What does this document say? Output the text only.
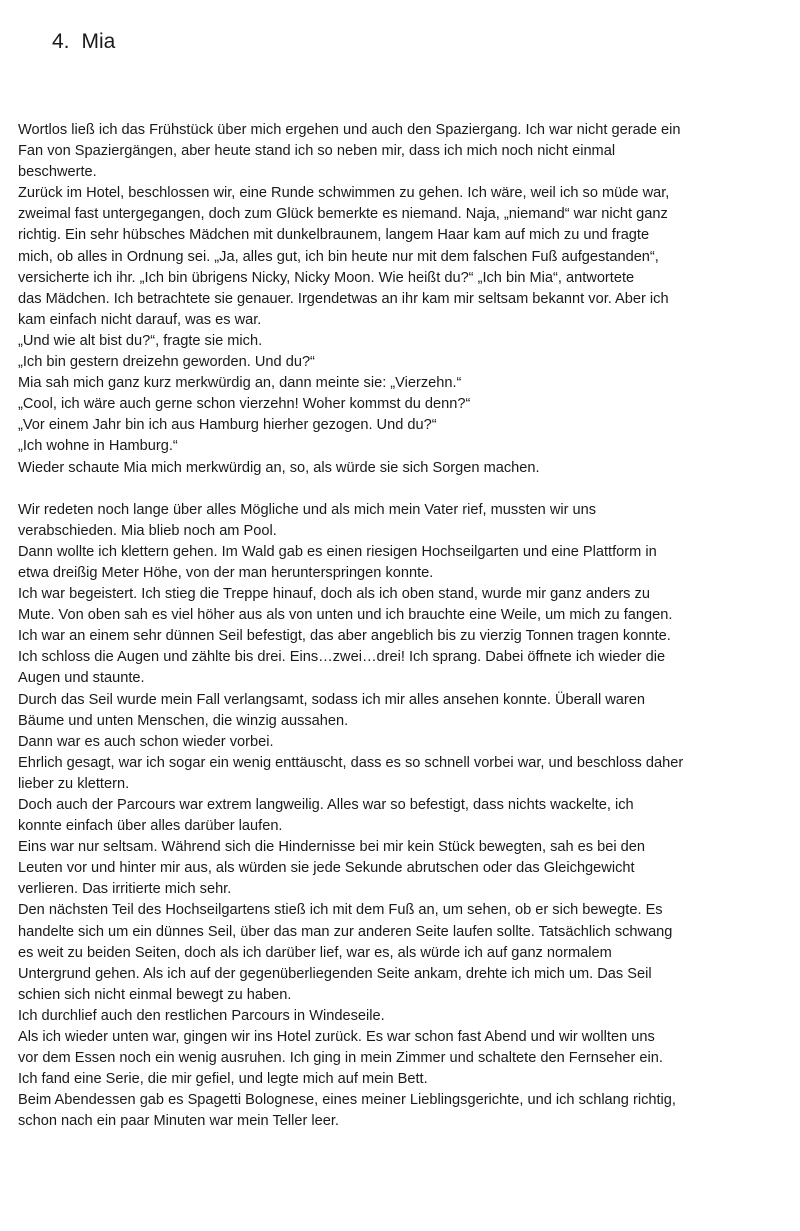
4. Mia
Wortlos ließ ich das Frühstück über mich ergehen und auch den Spaziergang. Ich war nicht gerade ein
Fan von Spaziergängen, aber heute stand ich so neben mir, dass ich mich noch nicht einmal
beschwerte.
Zurück im Hotel, beschlossen wir, eine Runde schwimmen zu gehen. Ich wäre, weil ich so müde war,
zweimal fast untergegangen, doch zum Glück bemerkte es niemand. Naja, „niemand“ war nicht ganz
richtig. Ein sehr hübsches Mädchen mit dunkelbraunem, langem Haar kam auf mich zu und fragte
mich, ob alles in Ordnung sei. „Ja, alles gut, ich bin heute nur mit dem falschen Fuß aufgestanden“,
versicherte ich ihr. „Ich bin übrigens Nicky, Nicky Moon. Wie heißt du?“ „Ich bin Mia“, antwortete
das Mädchen. Ich betrachtete sie genauer. Irgendetwas an ihr kam mir seltsam bekannt vor. Aber ich
kam einfach nicht darauf, was es war.
„Und wie alt bist du?“, fragte sie mich.
„Ich bin gestern dreizehn geworden. Und du?“
Mia sah mich ganz kurz merkwürdig an, dann meinte sie: „Vierzehn.“
„Cool, ich wäre auch gerne schon vierzehn! Woher kommst du denn?“
„Vor einem Jahr bin ich aus Hamburg hierher gezogen. Und du?“
„Ich wohne in Hamburg.“
Wieder schaute Mia mich merkwürdig an, so, als würde sie sich Sorgen machen.
Wir redeten noch lange über alles Mögliche und als mich mein Vater rief, mussten wir uns
verabschieden. Mia blieb noch am Pool.
Dann wollte ich klettern gehen. Im Wald gab es einen riesigen Hochseilgarten und eine Plattform in
etwa dreißig Meter Höhe, von der man herunterspringen konnte.
Ich war begeistert. Ich stieg die Treppe hinauf, doch als ich oben stand, wurde mir ganz anders zu
Mute. Von oben sah es viel höher aus als von unten und ich brauchte eine Weile, um mich zu fangen.
Ich war an einem sehr dünnen Seil befestigt, das aber angeblich bis zu vierzig Tonnen tragen konnte.
Ich schloss die Augen und zählte bis drei. Eins…zwei…drei! Ich sprang. Dabei öffnete ich wieder die
Augen und staunte.
Durch das Seil wurde mein Fall verlangsamt, sodass ich mir alles ansehen konnte. Überall waren
Bäume und unten Menschen, die winzig aussahen.
Dann war es auch schon wieder vorbei.
Ehrlich gesagt, war ich sogar ein wenig enttäuscht, dass es so schnell vorbei war, und beschloss daher
lieber zu klettern.
Doch auch der Parcours war extrem langweilig. Alles war so befestigt, dass nichts wackelte, ich
konnte einfach über alles darüber laufen.
Eins war nur seltsam. Während sich die Hindernisse bei mir kein Stück bewegten, sah es bei den
Leuten vor und hinter mir aus, als würden sie jede Sekunde abrutschen oder das Gleichgewicht
verlieren. Das irritierte mich sehr.
Den nächsten Teil des Hochseilgartens stieß ich mit dem Fuß an, um sehen, ob er sich bewegte. Es
handelte sich um ein dünnes Seil, über das man zur anderen Seite laufen sollte. Tatsächlich schwang
es weit zu beiden Seiten, doch als ich darüber lief, war es, als würde ich auf ganz normalem
Untergrund gehen. Als ich auf der gegenüberliegenden Seite ankam, drehte ich mich um. Das Seil
schien sich nicht einmal bewegt zu haben.
Ich durchlief auch den restlichen Parcours in Windeseile.
Als ich wieder unten war, gingen wir ins Hotel zurück. Es war schon fast Abend und wir wollten uns
vor dem Essen noch ein wenig ausruhen. Ich ging in mein Zimmer und schaltete den Fernseher ein.
Ich fand eine Serie, die mir gefiel, und legte mich auf mein Bett.
Beim Abendessen gab es Spagetti Bolognese, eines meiner Lieblingsgerichte, und ich schlang richtig,
schon nach ein paar Minuten war mein Teller leer.
